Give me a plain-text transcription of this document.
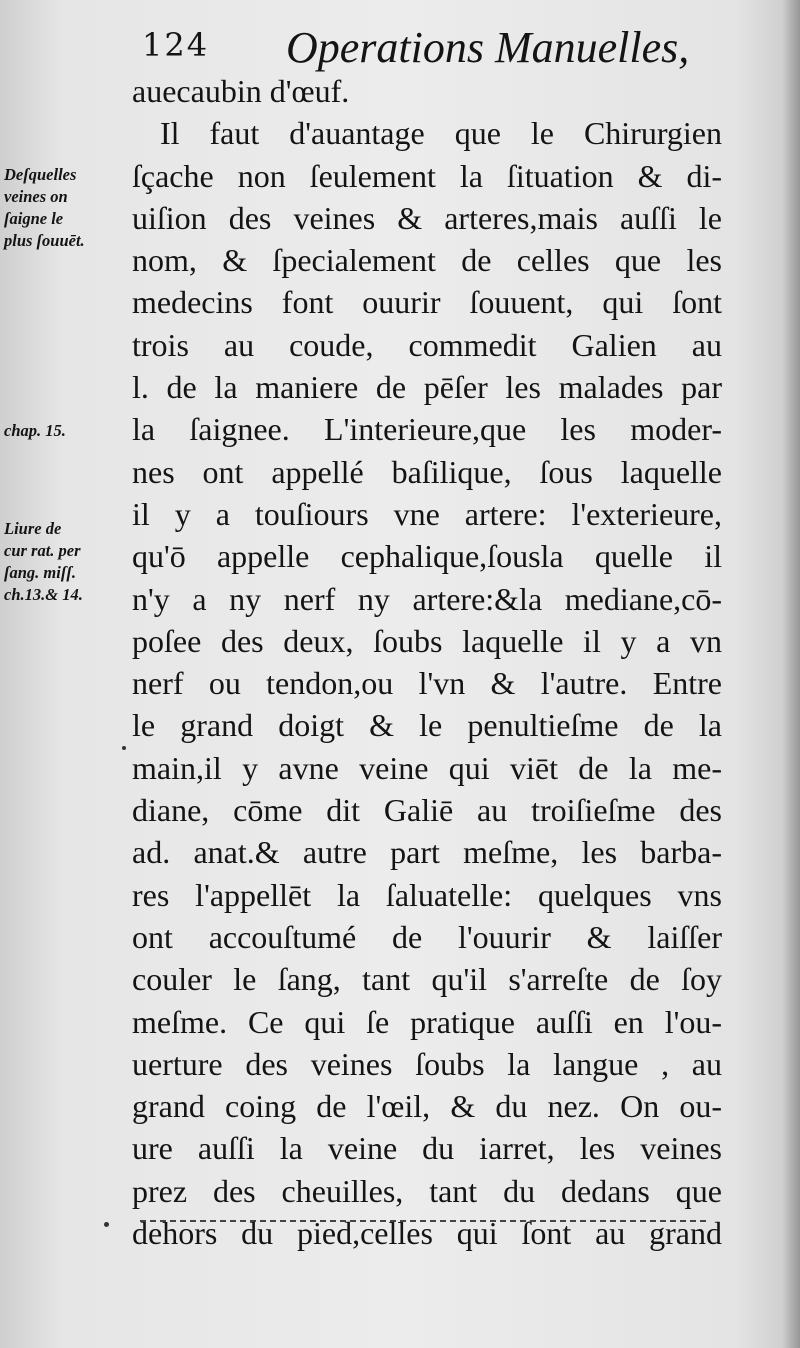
124 Operations Manuelles,
auecaubin d'œuf.
Il faut d'auantage que le Chirurgien
ſçache non ſeulement la ſituation & di-
uiſion des veines & arteres,mais auſſi le
nom, & ſpecialement de celles que les
medecins font ouurir ſouuent, qui ſont
trois au coude, commedit Galien au
l. de la maniere de pēſer les malades par
la ſaignee. L'interieure,que les moder-
nes ont appellé baſilique, ſous laquelle
il y a touſiours vne artere: l'exterieure,
qu'ō appelle cephalique,ſousla quelle il
n'y a ny nerf ny artere:&la mediane,cō-
poſee des deux, ſoubs laquelle il y a vn
nerf ou tendon,ou l'vn & l'autre. Entre
le grand doigt & le penultieſme de la
main,il y avne veine qui viēt de la me-
diane, cōme dit Galiē au troiſieſme des
ad. anat.& autre part meſme, les barba-
res l'appellēt la ſaluatelle: quelques vns
ont accouſtumé de l'ouurir & laiſſer
couler le ſang, tant qu'il s'arreſte de ſoy
meſme. Ce qui ſe pratique auſſi en l'ou-
uerture des veines ſoubs la langue , au
grand coing de l'œil, & du nez. On ou-
ure auſſi la veine du iarret, les veines
prez des cheuilles, tant du dedans que
dehors du pied,celles qui ſont au grand
Deſquelles
veines on
ſaigne le
plus ſouuēt.
chap. 15.
Liure de
cur rat. per
ſang. miſſ.
ch.13.& 14.
